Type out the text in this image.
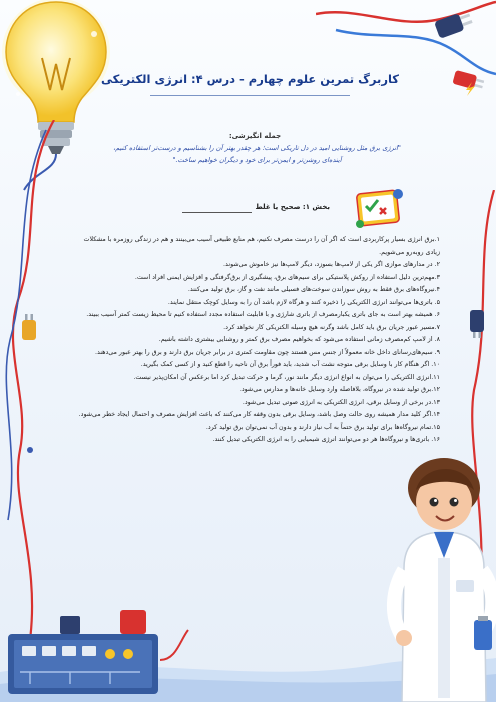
کاربرگ تمرین علوم چهارم – درس ۴: انرژی الکتریکی
جمله انگیزشی:
"انرژی برق مثل روشنایی امید در دل تاریکی است؛ هر چقدر بهتر آن را بشناسیم و درست‌تر استفاده کنیم، آینده‌ای روشن‌تر و ایمن‌تر برای خود و دیگران خواهیم ساخت."
بخش ۱: صحیح یا غلط
۱.برق انرژی بسیار پرکاربردی است که اگر آن را درست مصرف نکنیم، هم منابع طبیعی آسیب می‌بینند و هم در زندگی روزمره با مشکلات زیادی روبه‌رو می‌شویم.
۲. در مدارهای موازی اگر یکی از لامپ‌ها بسوزد، دیگر لامپ‌ها نیز خاموش می‌شوند.
۳.مهم‌ترین دلیل استفاده از روکش پلاستیکی برای سیم‌های برق، پیشگیری از برق‌گرفتگی و افزایش ایمنی افراد است.
۴.نیروگاه‌های برق فقط به روش سوزاندن سوخت‌های فسیلی مانند نفت و گاز، برق تولید می‌کنند.
۵. باتری‌ها می‌توانند انرژی الکتریکی را ذخیره کنند و هرگاه لازم باشد آن را به وسایل کوچک منتقل نمایند.
۶. همیشه بهتر است به جای باتری یکبارمصرف از باتری شارژی و با قابلیت استفاده مجدد استفاده کنیم تا محیط زیست کمتر آسیب ببیند.
۷.مسیر عبور جریان برق باید کامل باشد وگرنه هیچ وسیله الکتریکی کار نخواهد کرد.
۸. از لامپ کم‌مصرف زمانی استفاده می‌شود که بخواهیم مصرف برق کمتر و روشنایی بیشتری داشته باشیم.
۹. سیم‌های‌رسانای داخل خانه معمولاً از جنس مس هستند چون مقاومت کمتری در برابر جریان برق دارند و برق را بهتر عبور می‌دهند.
۱۰. اگر هنگام کار با وسایل برقی متوجه نشت آب شدید، باید فوراً برق آن ناحیه را قطع کنید و از کسی کمک بگیرید.
۱۱.انرژی الکتریکی را می‌توان به انواع انرژی دیگر مانند نور، گرما و حرکت تبدیل کرد اما برعکس آن امکان‌پذیر نیست.
۱۲.برق تولید شده در نیروگاه، بلافاصله وارد وسایل خانه‌ها و مدارس می‌شود.
۱۳.در برخی از وسایل برقی، انرژی الکتریکی به انرژی صوتی تبدیل می‌شود.
۱۴.اگر کلید مدار همیشه روی حالت وصل باشد، وسایل برقی بدون وقفه کار می‌کنند که باعث افزایش مصرف و احتمال ایجاد خطر می‌شود.
۱۵.تمام نیروگاه‌ها برای تولید برق حتماً به آب نیاز دارند و بدون آب نمی‌توان برق تولید کرد.
۱۶. باتری‌ها و نیروگاه‌ها هر دو می‌توانند انرژی شیمیایی را به انرژی الکتریکی تبدیل کنند.
